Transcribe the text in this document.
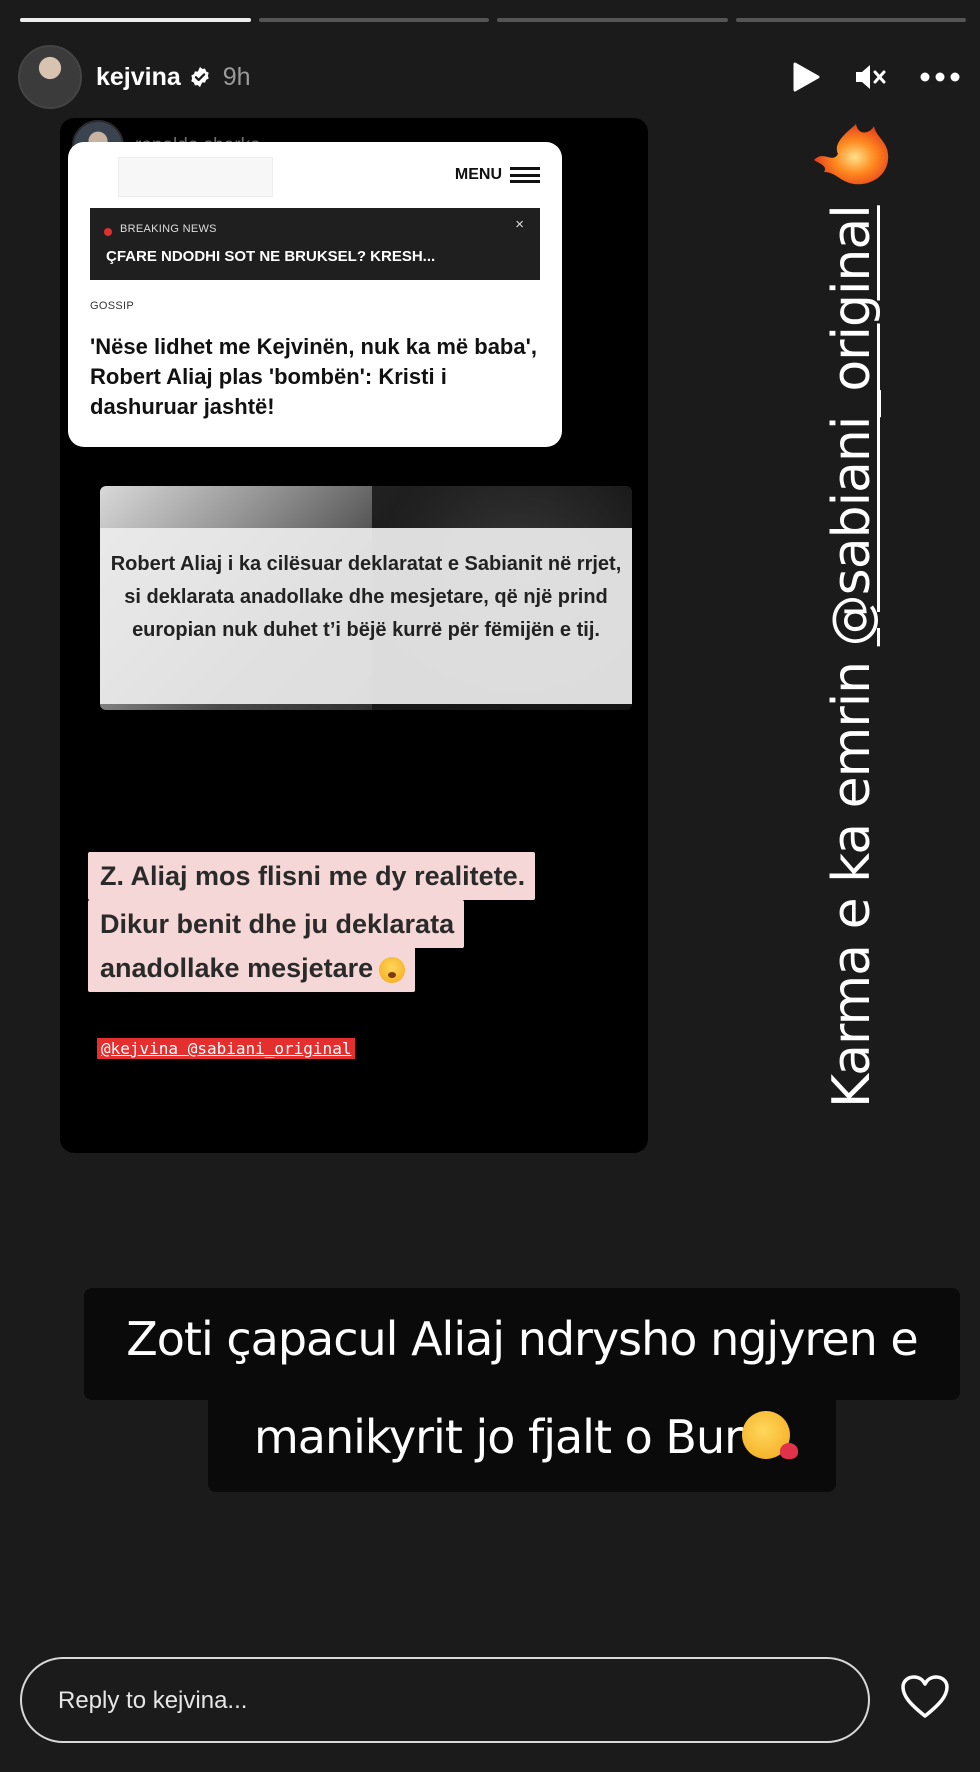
kejvina 9h
MENU
BREAKING NEWS	×
ÇFARE NDODHI SOT NE BRUKSEL? KRESH...
GOSSIP
'Nëse lidhet me Kejvinën, nuk ka më baba', Robert Aliaj plas 'bombën': Kristi i dashuruar jashtë!
Robert Aliaj i ka cilësuar deklaratat e Sabianit në rrjet, si deklarata anadollake dhe mesjetare, që një prind europian nuk duhet t’i bëjë kurrë për fëmijën e tij.
Z. Aliaj mos flisni me dy realitete.
Dikur benit dhe ju deklarata
anadollake mesjetare
@kejvina @sabiani_original	Karma e ka emrin @sabiani_original
Zoti çapacul Aliaj ndrysho ngjyren e
manikyrit jo fjalt o Bur
Reply to kejvina...
